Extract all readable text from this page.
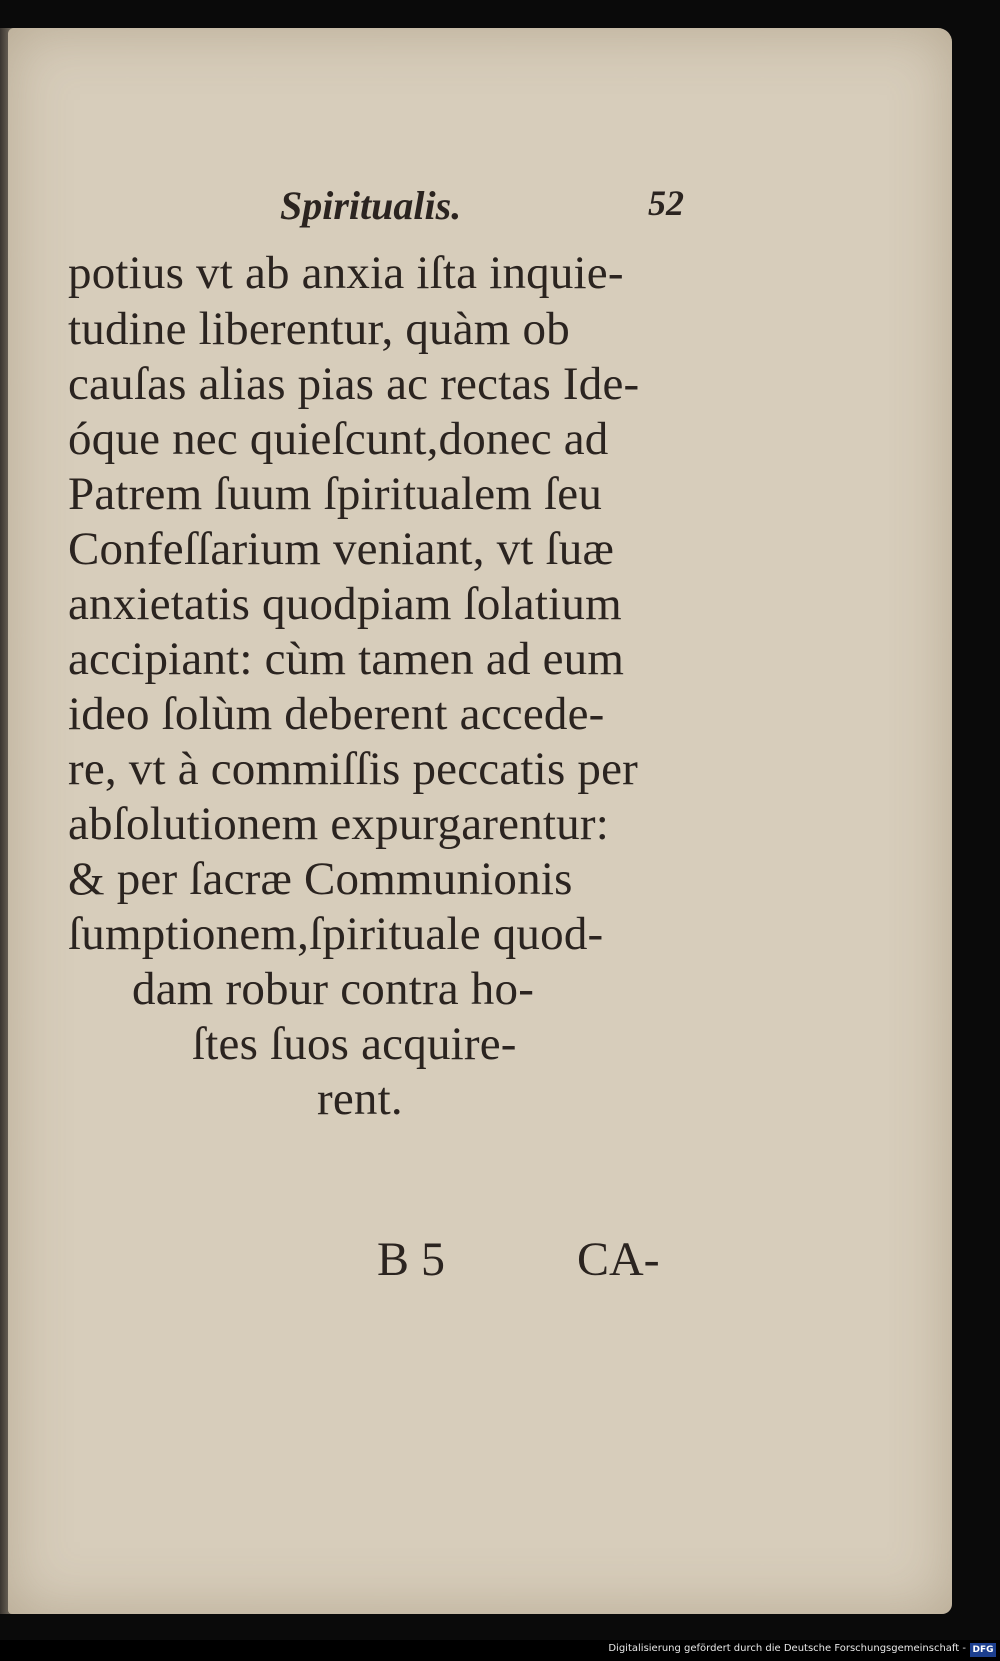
Spiritualis.	52
potius vt ab anxia iſta inquie-
tudine liberentur, quàm ob
cauſas alias pias ac rectas Ide-
óque nec quieſcunt,donec ad
Patrem ſuum ſpiritualem ſeu
Confeſſarium veniant, vt ſuæ
anxietatis quodpiam ſolatium
accipiant: cùm tamen ad eum
ideo ſolùm deberent accede-
re, vt à commiſſis peccatis per
abſolutionem expurgarentur:
& per ſacræ Communionis
ſumptionem,ſpirituale quod-
dam robur contra ho-
ſtes ſuos acquire-
rent.
B 5	CA-
Digitalisierung gefördert durch die Deutsche Forschungsgemeinschaft - DFG
